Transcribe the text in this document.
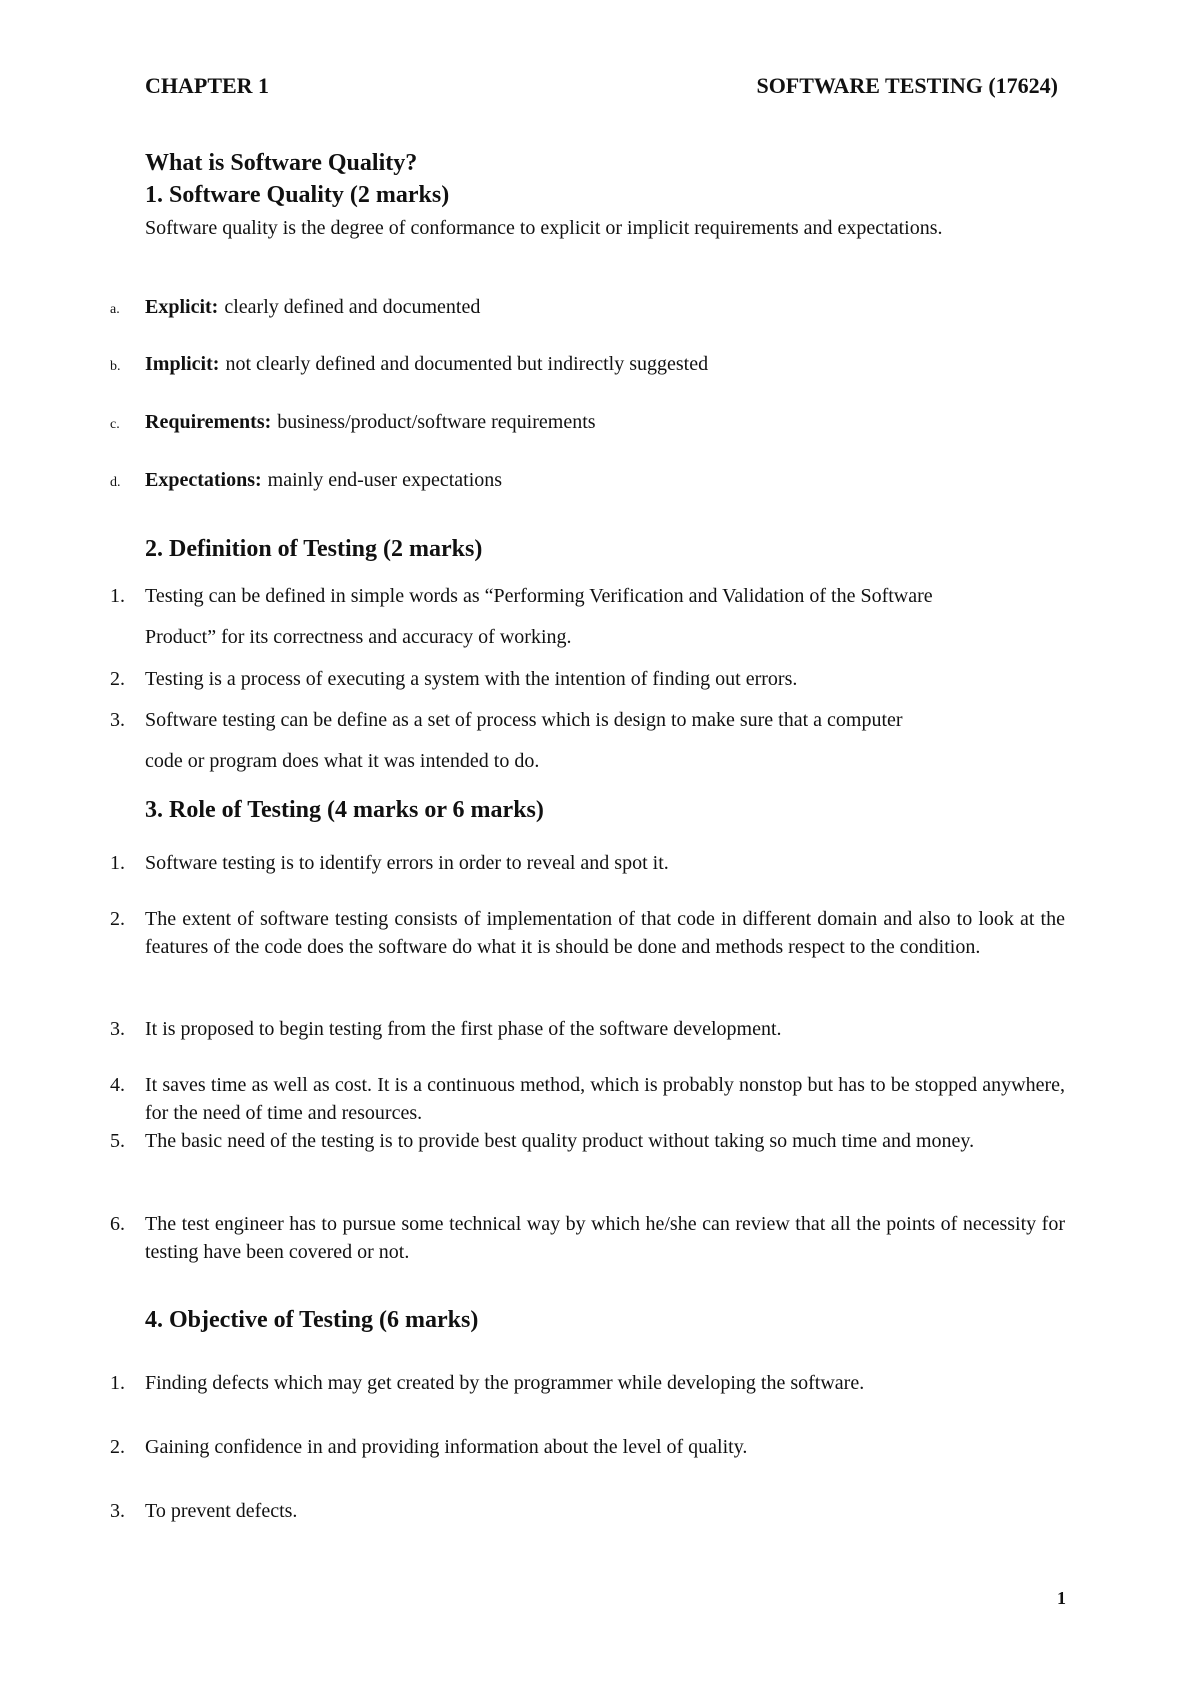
CHAPTER 1	SOFTWARE TESTING (17624)
What is Software Quality?
1. Software Quality (2 marks)
Software quality is the degree of conformance to explicit or implicit requirements and expectations.
a.	Explicit: clearly defined and documented
b.	Implicit: not clearly defined and documented but indirectly suggested
c.	Requirements: business/product/software requirements
d.	Expectations: mainly end-user expectations
2. Definition of Testing (2 marks)
1.	Testing can be defined in simple words as “Performing Verification and Validation of the Software Product” for its correctness and accuracy of working.
2.	Testing is a process of executing a system with the intention of finding out errors.
3.	Software testing can be define as a set of process which is design to make sure that a computer code or program does what it was intended to do.
3. Role of Testing (4 marks or 6 marks)
1.	Software testing is to identify errors in order to reveal and spot it.
2.	The extent of software testing consists of implementation of that code in different domain and also to look at the features of the code does the software do what it is should be done and methods respect to the condition.
3.	It is proposed to begin testing from the first phase of the software development.
4.	It saves time as well as cost. It is a continuous method, which is probably nonstop but has to be stopped anywhere, for the need of time and resources.
5.	The basic need of the testing is to provide best quality product without taking so much time and money.
6.	The test engineer has to pursue some technical way by which he/she can review that all the points of necessity for testing have been covered or not.
4. Objective of Testing (6 marks)
1.	Finding defects which may get created by the programmer while developing the software.
2.	Gaining confidence in and providing information about the level of quality.
3.	To prevent defects.
1
